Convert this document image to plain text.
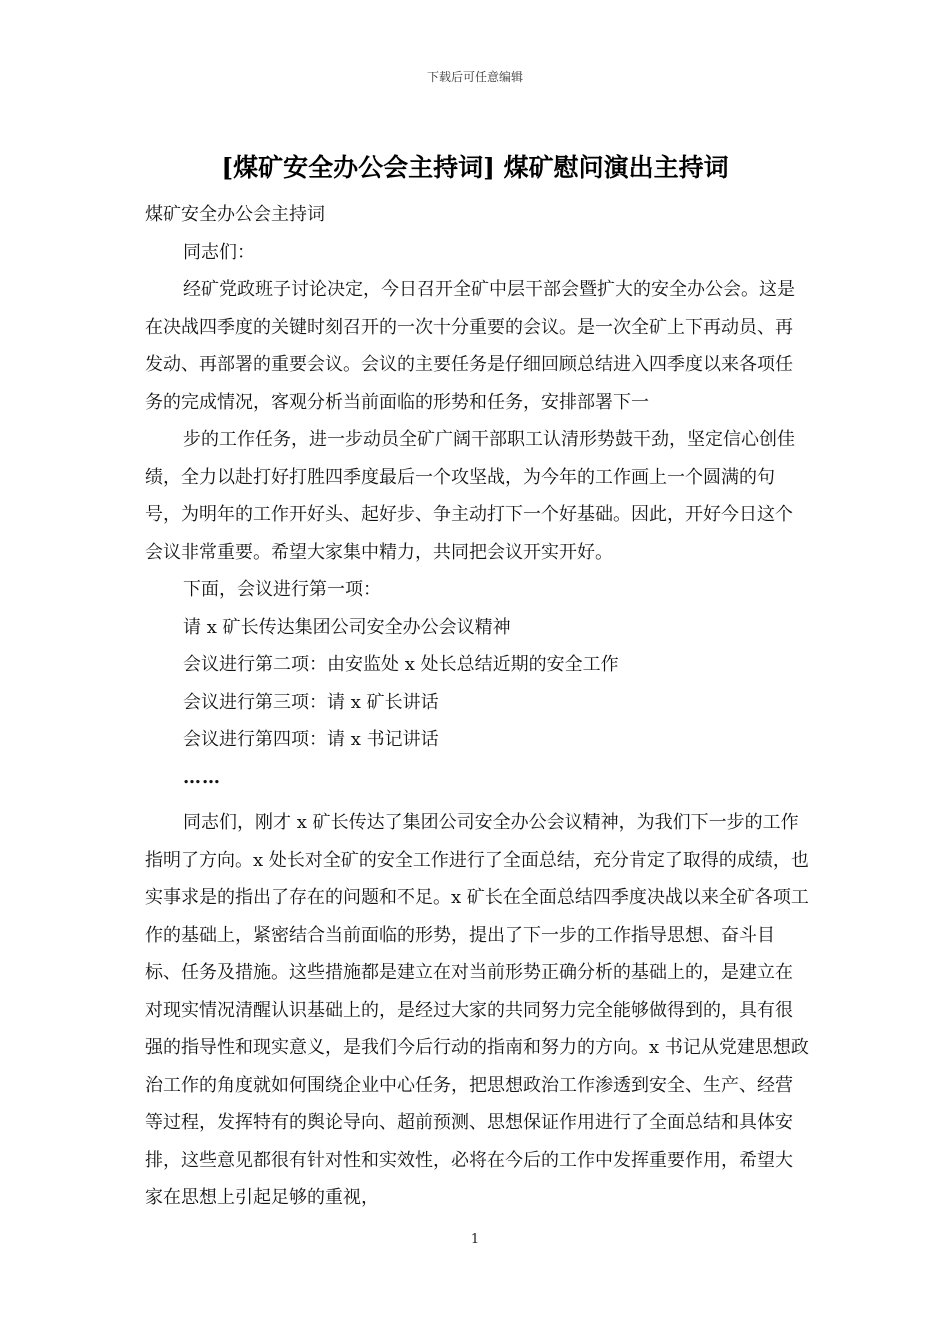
下载后可任意编辑
[煤矿安全办公会主持词] 煤矿慰问演出主持词

煤矿安全办公会主持词

同志们：

经矿党政班子讨论决定，今日召开全矿中层干部会暨扩大的安全办公会。这是在决战四季度的关键时刻召开的一次十分重要的会议。是一次全矿上下再动员、再发动、再部署的重要会议。会议的主要任务是仔细回顾总结进入四季度以来各项任务的完成情况，客观分析当前面临的形势和任务，安排部署下一

步的工作任务，进一步动员全矿广阔干部职工认清形势鼓干劲，坚定信心创佳绩，全力以赴打好打胜四季度最后一个攻坚战，为今年的工作画上一个圆满的句号，为明年的工作开好头、起好步、争主动打下一个好基础。因此，开好今日这个会议非常重要。希望大家集中精力，共同把会议开实开好。

下面，会议进行第一项：

请 x 矿长传达集团公司安全办公会议精神

会议进行第二项：由安监处 x 处长总结近期的安全工作

会议进行第三项：请 x 矿长讲话

会议进行第四项：请 x 书记讲话

……

同志们，刚才 x 矿长传达了集团公司安全办公会议精神，为我们下一步的工作指明了方向。x 处长对全矿的安全工作进行了全面总结，充分肯定了取得的成绩，也实事求是的指出了存在的问题和不足。x 矿长在全面总结四季度决战以来全矿各项工作的基础上，紧密结合当前面临的形势，提出了下一步的工作指导思想、奋斗目标、任务及措施。这些措施都是建立在对当前形势正确分析的基础上的，是建立在对现实情况清醒认识基础上的，是经过大家的共同努力完全能够做得到的，具有很强的指导性和现实意义，是我们今后行动的指南和努力的方向。x 书记从党建思想政治工作的角度就如何围绕企业中心任务，把思想政治工作渗透到安全、生产、经营等过程，发挥特有的舆论导向、超前预测、思想保证作用进行了全面总结和具体安排，这些意见都很有针对性和实效性，必将在今后的工作中发挥重要作用，希望大家在思想上引起足够的重视，

1
